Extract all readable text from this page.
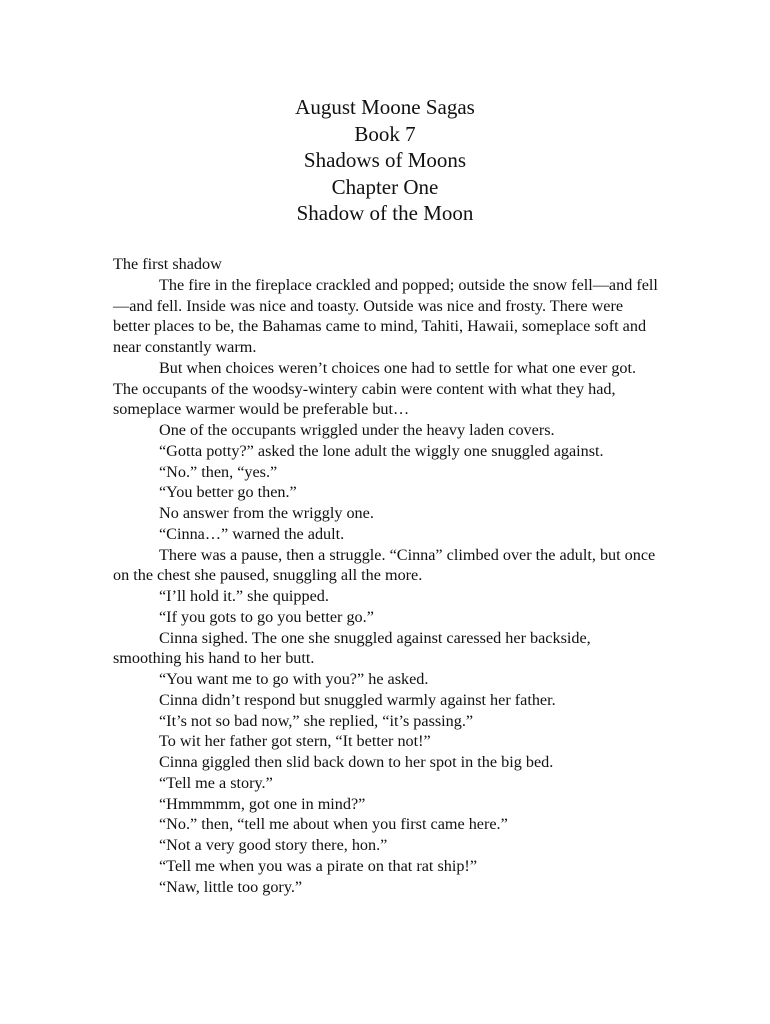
August Moone Sagas
Book 7
Shadows of Moons
Chapter One
Shadow of the Moon

The first shadow

The fire in the fireplace crackled and popped; outside the snow fell—and fell—and fell. Inside was nice and toasty. Outside was nice and frosty. There were better places to be, the Bahamas came to mind, Tahiti, Hawaii, someplace soft and near constantly warm.

But when choices weren’t choices one had to settle for what one ever got. The occupants of the woodsy-wintery cabin were content with what they had, someplace warmer would be preferable but…

One of the occupants wriggled under the heavy laden covers.

“Gotta potty?” asked the lone adult the wiggly one snuggled against.

“No.” then, “yes.”

“You better go then.”

No answer from the wriggly one.

“Cinna…” warned the adult.

There was a pause, then a struggle. “Cinna” climbed over the adult, but once on the chest she paused, snuggling all the more.

“I’ll hold it.” she quipped.

“If you gots to go you better go.”

Cinna sighed. The one she snuggled against caressed her backside, smoothing his hand to her butt.

“You want me to go with you?” he asked.

Cinna didn’t respond but snuggled warmly against her father.

“It’s not so bad now,” she replied, “it’s passing.”

To wit her father got stern, “It better not!”

Cinna giggled then slid back down to her spot in the big bed.

“Tell me a story.”

“Hmmmmm, got one in mind?”

“No.” then, “tell me about when you first came here.”

“Not a very good story there, hon.”

“Tell me when you was a pirate on that rat ship!”

“Naw, little too gory.”
